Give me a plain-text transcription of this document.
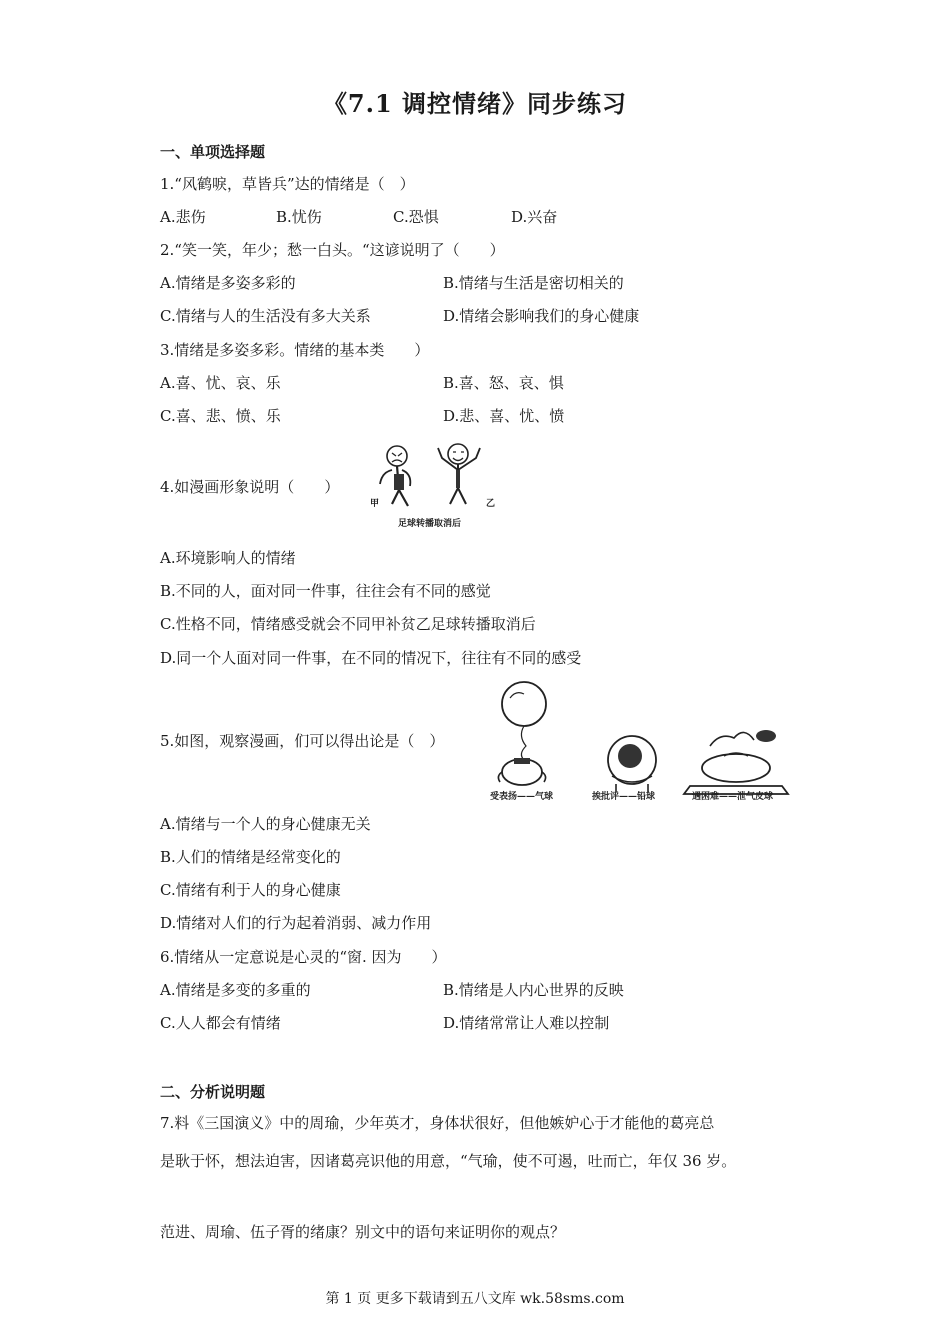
《7.1 调控情绪》同步练习
一、单项选择题
1.“风鹤唳，草皆兵”达的情绪是（　）
A.悲伤	B.忧伤	C.恐惧	D.兴奋
2.“笑一笑，年少；愁一白头。“这谚说明了（　　）
A.情绪是多姿多彩的	B.情绪与生活是密切相关的
C.情绪与人的生活没有多大关系	D.情绪会影响我们的身心健康
3.情绪是多姿多彩。情绪的基本类　　）
A.喜、忧、哀、乐	B.喜、怒、哀、惧
C.喜、悲、愤、乐	D.悲、喜、忧、愤
4.如漫画形象说明（　　）
甲	乙
足球转播取消后
A.环境影响人的情绪
B.不同的人，面对同一件事，往往会有不同的感觉
C.性格不同，情绪感受就会不同甲补贫乙足球转播取消后
D.同一个人面对同一件事，在不同的情况下，往往有不同的感受
5.如图，观察漫画，们可以得出论是（　）
受表扬——气球	挨批评——铅球	遇困难——泄气皮球
A.情绪与一个人的身心健康无关
B.人们的情绪是经常变化的
C.情绪有利于人的身心健康
D.情绪对人们的行为起着消弱、减力作用
6.情绪从一定意说是心灵的“窗. 因为　　）
A.情绪是多变的多重的	B.情绪是人内心世界的反映
C.人人都会有情绪	D.情绪常常让人难以控制
二、分析说明题
7.料《三国演义》中的周瑜，少年英才，身体状很好，但他嫉妒心于才能他的葛亮总
是耿于怀，想法迫害，因诸葛亮识他的用意，“气瑜，使不可遏，吐而亡，年仅 36 岁。
范进、周瑜、伍子胥的绪康？别文中的语句来证明你的观点？
第 1 页 更多下载请到五八文库 wk.58sms.com
